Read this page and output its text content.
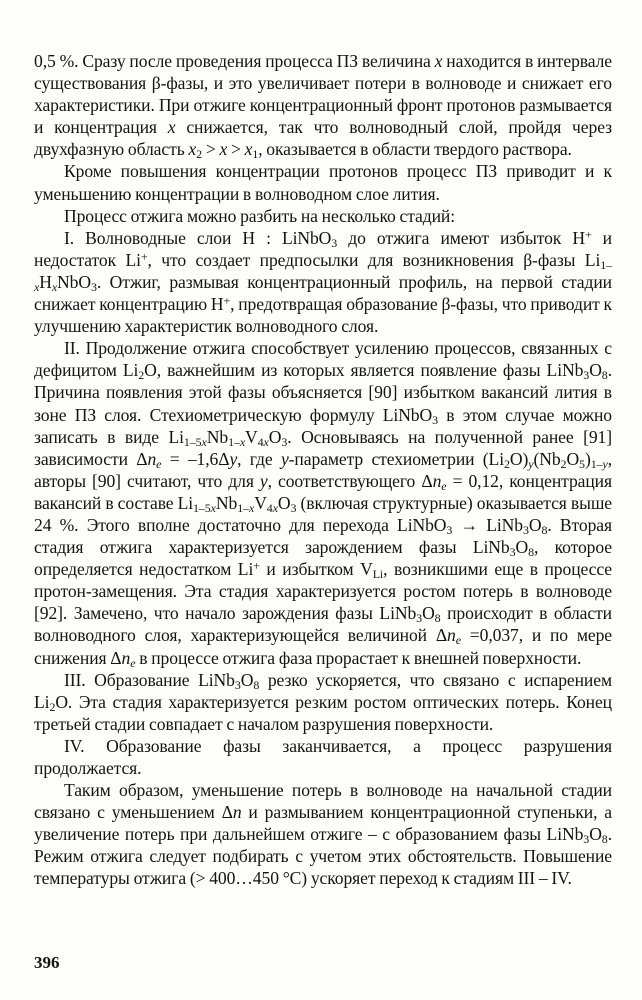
0,5 %. Сразу после проведения процесса ПЗ величина x находится в интервале существования β-фазы, и это увеличивает потери в волноводе и снижает его характеристики. При отжиге концентрационный фронт протонов размывается и концентрация x снижается, так что волноводный слой, пройдя через двухфазную область $x_2 > x > x_1$, оказывается в области твердого раствора.

Кроме повышения концентрации протонов процесс ПЗ приводит и к уменьшению концентрации в волноводном слое лития.

Процесс отжига можно разбить на несколько стадий:

I. Волноводные слои H : LiNbO$_3$ до отжига имеют избыток H+ и недостаток Li+, что создает предпосылки для возникновения β-фазы $Li_{1-x}H_xNbO_3$. Отжиг, размывая концентрационный профиль, на первой стадии снижает концентрацию H+, предотвращая образование β-фазы, что приводит к улучшению характеристик волноводного слоя.

II. Продолжение отжига способствует усилению процессов, связанных с дефицитом $Li_2O$, важнейшим из которых является появление фазы $LiNb_3O_8$. Причина появления этой фазы объясняется [90] избытком вакансий лития в зоне ПЗ слоя. Стехиометрическую формулу LiNbO$_3$ в этом случае можно записать в виде $Li_{1-5x}Nb_{1-x}V_{4x}O_3$. Основываясь на полученной ранее [91] зависимости $\Delta n_e = -1,6\Delta y$, где y-параметр стехиометрии $(Li_2O)_y(Nb_2O_5)_{1-y}$, авторы [90] считают, что для y, соответствующего $\Delta n_e = 0,12$, концентрация вакансий в составе $Li_{1-5x}Nb_{1-x}V_{4x}O_3$ (включая структурные) оказывается выше 24 %. Этого вполне достаточно для перехода LiNbO$_3$ → $LiNb_3O_8$. Вторая стадия отжига характеризуется зарождением фазы $LiNb_3O_8$, которое определяется недостатком Li+ и избытком $V_{Li}$, возникшими еще в процессе протон-замещения. Эта стадия характеризуется ростом потерь в волноводе [92]. Замечено, что начало зарождения фазы $LiNb_3O_8$ происходит в области волноводного слоя, характеризующейся величиной $\Delta n_e =0,037$, и по мере снижения $\Delta n_e$ в процессе отжига фаза прорастает к внешней поверхности.

III. Образование $LiNb_3O_8$ резко ускоряется, что связано с испарением $Li_2O$. Эта стадия характеризуется резким ростом оптических потерь. Конец третьей стадии совпадает с началом разрушения поверхности.

IV. Образование фазы заканчивается, а процесс разрушения продолжается.

Таким образом, уменьшение потерь в волноводе на начальной стадии связано с уменьшением Δn и размыванием концентрационной ступеньки, а увеличение потерь при дальнейшем отжиге – с образованием фазы $LiNb_3O_8$. Режим отжига следует подбирать с учетом этих обстоятельств. Повышение температуры отжига (> 400…450 °C) ускоряет переход к стадиям III – IV.

396
